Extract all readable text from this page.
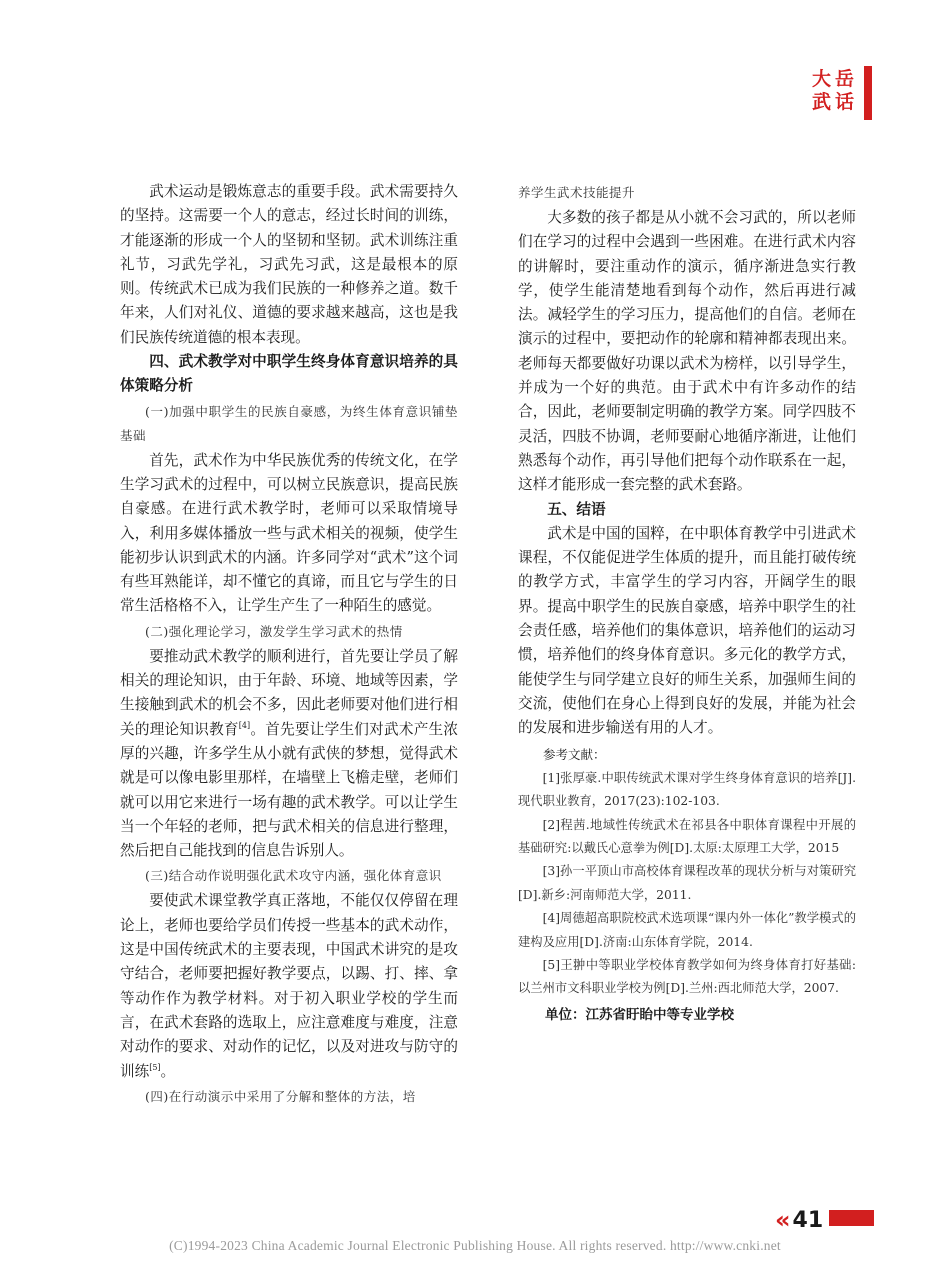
大 岳
武 话

武术运动是锻炼意志的重要手段。武术需要持久的坚持。这需要一个人的意志，经过长时间的训练，才能逐渐的形成一个人的坚韧和坚韧。武术训练注重礼节，习武先学礼，习武先习武，这是最根本的原则。传统武术已成为我们民族的一种修养之道。数千年来，人们对礼仪、道德的要求越来越高，这也是我们民族传统道德的根本表现。

四、武术教学对中职学生终身体育意识培养的具体策略分析

(一)加强中职学生的民族自豪感，为终生体育意识铺垫基础

首先，武术作为中华民族优秀的传统文化，在学生学习武术的过程中，可以树立民族意识，提高民族自豪感。在进行武术教学时，老师可以采取情境导入，利用多媒体播放一些与武术相关的视频，使学生能初步认识到武术的内涵。许多同学对“武术”这个词有些耳熟能详，却不懂它的真谛，而且它与学生的日常生活格格不入，让学生产生了一种陌生的感觉。

(二)强化理论学习，激发学生学习武术的热情

要推动武术教学的顺利进行，首先要让学员了解相关的理论知识，由于年龄、环境、地域等因素，学生接触到武术的机会不多，因此老师要对他们进行相关的理论知识教育[4]。首先要让学生们对武术产生浓厚的兴趣，许多学生从小就有武侠的梦想，觉得武术就是可以像电影里那样，在墙壁上飞檐走壁，老师们就可以用它来进行一场有趣的武术教学。可以让学生当一个年轻的老师，把与武术相关的信息进行整理，然后把自己能找到的信息告诉别人。

(三)结合动作说明强化武术攻守内涵，强化体育意识

要使武术课堂教学真正落地，不能仅仅停留在理论上，老师也要给学员们传授一些基本的武术动作，这是中国传统武术的主要表现，中国武术讲究的是攻守结合，老师要把握好教学要点，以踢、打、摔、拿等动作作为教学材料。对于初入职业学校的学生而言，在武术套路的选取上，应注意难度与难度，注意对动作的要求、对动作的记忆，以及对进攻与防守的训练[5]。

(四)在行动演示中采用了分解和整体的方法，培

养学生武术技能提升

大多数的孩子都是从小就不会习武的，所以老师们在学习的过程中会遇到一些困难。在进行武术内容的讲解时，要注重动作的演示，循序渐进急实行教学，使学生能清楚地看到每个动作，然后再进行减法。减轻学生的学习压力，提高他们的自信。老师在演示的过程中，要把动作的轮廓和精神都表现出来。老师每天都要做好功课以武术为榜样，以引导学生，并成为一个好的典范。由于武术中有许多动作的结合，因此，老师要制定明确的教学方案。同学四肢不灵活，四肢不协调，老师要耐心地循序渐进，让他们熟悉每个动作，再引导他们把每个动作联系在一起，这样才能形成一套完整的武术套路。

五、结语

武术是中国的国粹，在中职体育教学中引进武术课程，不仅能促进学生体质的提升，而且能打破传统的教学方式，丰富学生的学习内容，开阔学生的眼界。提高中职学生的民族自豪感，培养中职学生的社会责任感，培养他们的集体意识，培养他们的运动习惯，培养他们的终身体育意识。多元化的教学方式，能使学生与同学建立良好的师生关系，加强师生间的交流，使他们在身心上得到良好的发展，并能为社会的发展和进步输送有用的人才。

参考文献：

[1]张厚豪.中职传统武术课对学生终身体育意识的培养[J].现代职业教育，2017(23):102-103.

[2]程茜.地域性传统武术在祁县各中职体育课程中开展的基础研究:以戴氏心意拳为例[D].太原:太原理工大学，2015

[3]孙一平顶山市高校体育课程改革的现状分析与对策研究[D].新乡:河南师范大学，2011.

[4]周德超高职院校武术选项课“课内外一体化”教学模式的建构及应用[D].济南:山东体育学院，2014.

[5]王翀中等职业学校体育教学如何为终身体育打好基础:以兰州市文科职业学校为例[D].兰州:西北师范大学，2007.

单位：江苏省盱眙中等专业学校

« 41
(C)1994-2023 China Academic Journal Electronic Publishing House. All rights reserved. http://www.cnki.net
